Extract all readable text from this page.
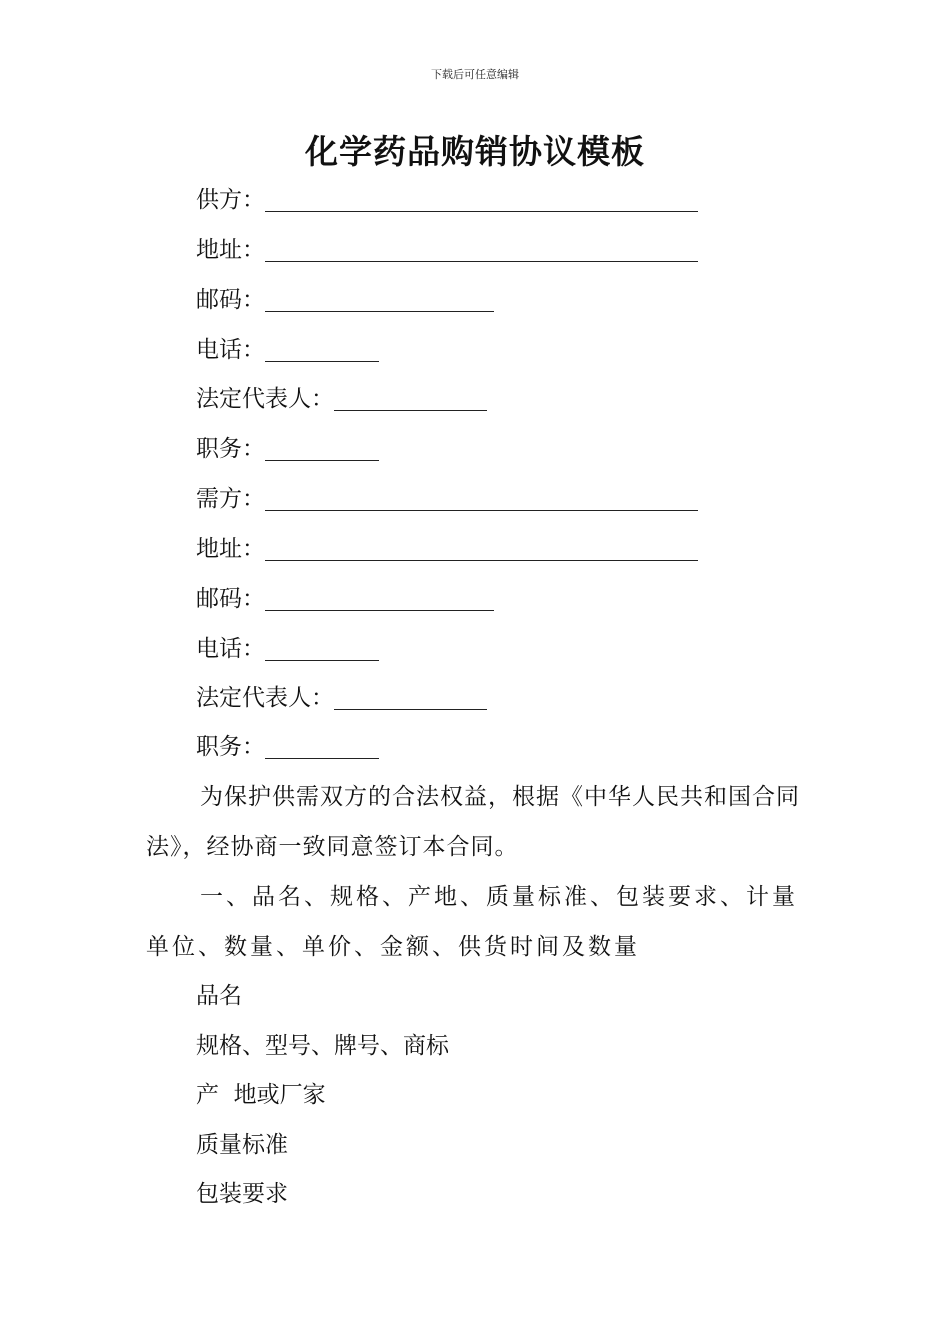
下载后可任意编辑
化学药品购销协议模板
供方：
地址：
邮码：
电话：
法定代表人：
职务：
需方：
地址：
邮码：
电话：
法定代表人：
职务：
为保护供需双方的合法权益，根据《中华人民共和国合同法》，经协商一致同意签订本合同。
一、品名、规格、产地、质量标准、包装要求、计量单位、数量、单价、金额、供货时间及数量
品名
规格、型号、牌号、商标
产  地或厂家
质量标准
包装要求
